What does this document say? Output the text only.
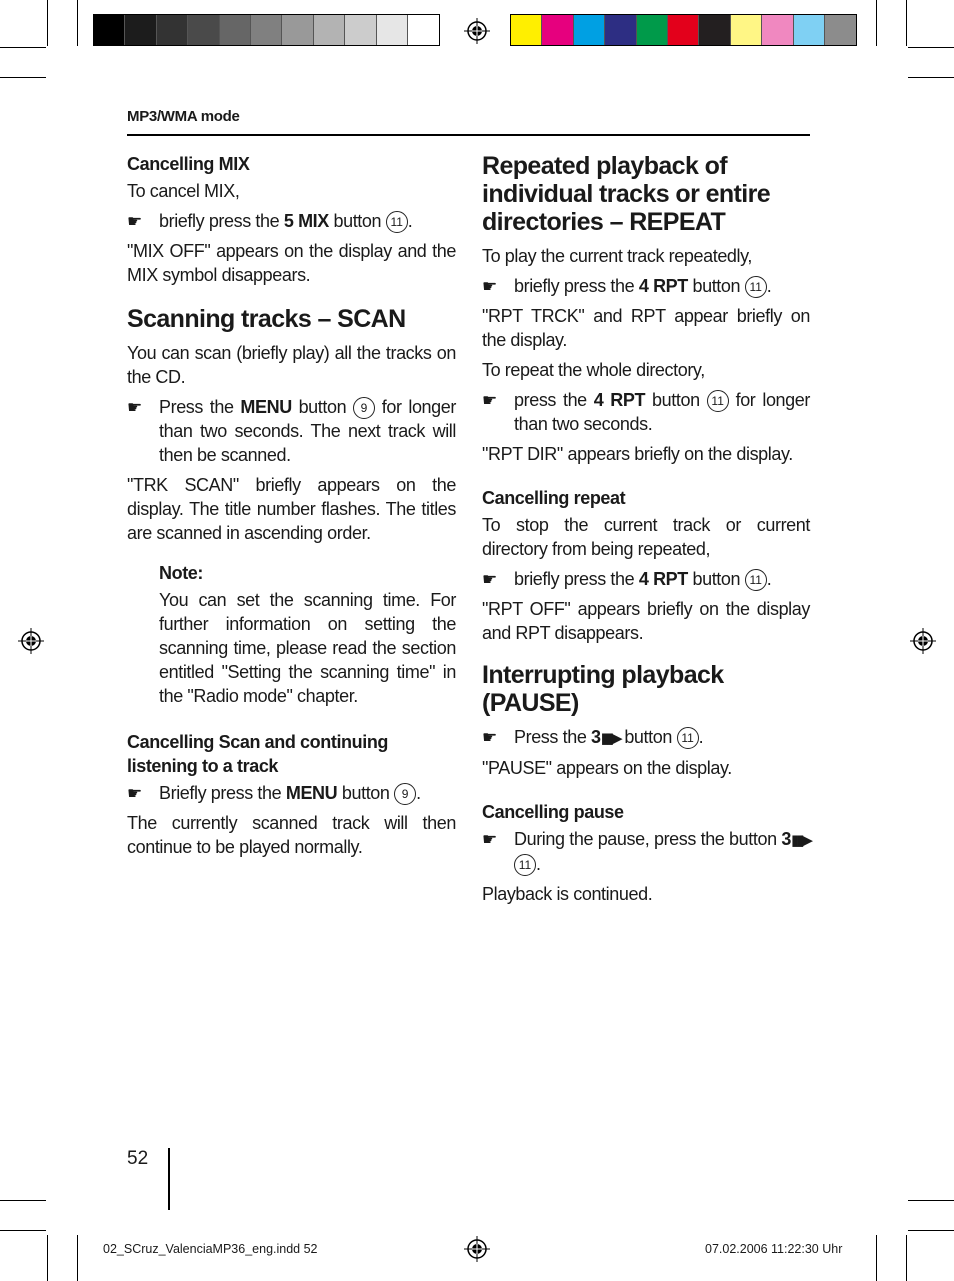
MP3/WMA mode
Cancelling MIX

To cancel MIX,

☛ briefly press the 5 MIX button 11 .

"MIX OFF" appears on the display and the MIX symbol disappears.

Scanning tracks – SCAN

You can scan (briefly play) all the tracks on the CD.

☛ Press the MENU button 9 for longer than two seconds. The next track will then be scanned.

"TRK SCAN" briefly appears on the display. The title number flashes. The titles are scanned in ascending order.

Note:

You can set the scanning time. For further information on setting the scanning time, please read the section entitled "Setting the scanning time" in the "Radio mode" chapter.

Cancelling Scan and continuing listening to a track
☛ Briefly press the MENU button 9 .

The currently scanned track will then continue to be played normally.

Repeated playback of individual tracks or entire directories – REPEAT

To play the current track repeatedly,

☛ briefly press the 4 RPT button 11 .

"RPT TRCK" and RPT appear briefly on the display.

To repeat the whole directory,

☛ press the 4 RPT button 11 for longer than two seconds.

"RPT DIR" appears briefly on the display.

Cancelling repeat

To stop the current track or current directory from being repeated,

☛ briefly press the 4 RPT button 11 .

"RPT OFF" appears briefly on the display and RPT disappears.

Interrupting playback (PAUSE)
☛ Press the 3▮▮▶ button 11 .

"PAUSE" appears on the display.

Cancelling pause
☛ During the pause, press the button 3▮▮▶11 .

Playback is continued.

52
02_SCruz_ValenciaMP36_eng.indd 52	07.02.2006 11:22:30 Uhr
